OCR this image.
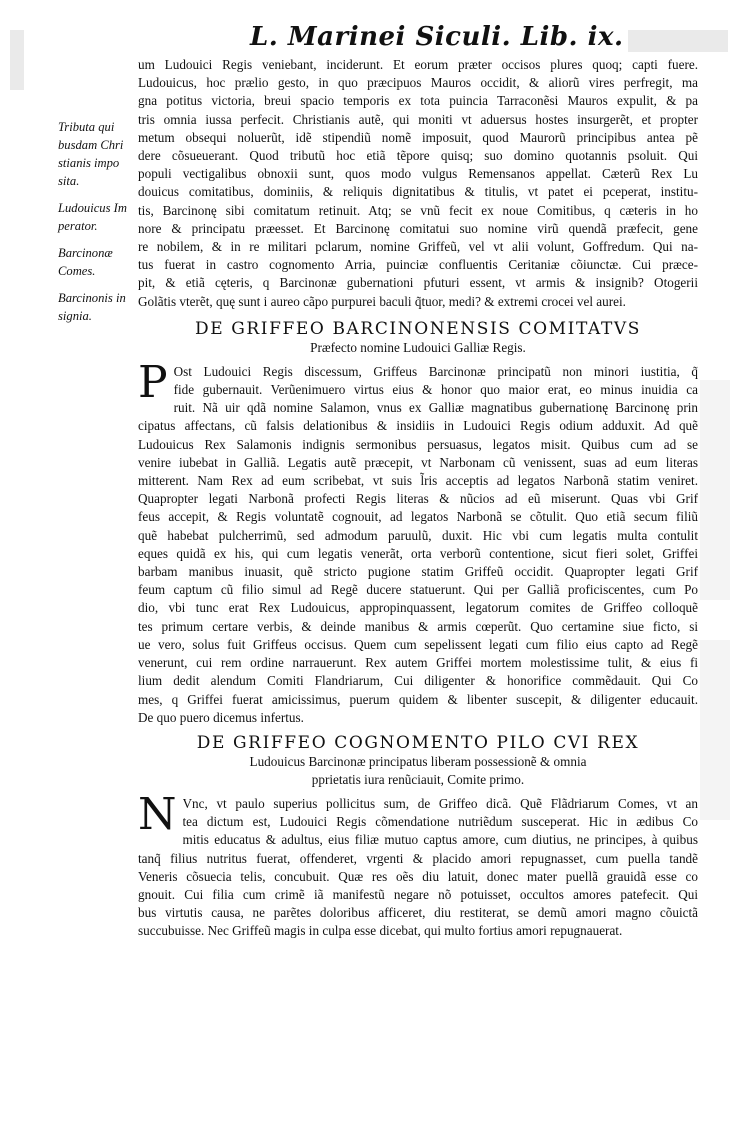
L. Marinei Siculi. Lib. ix.
Tributa qui
busdam Chri
stianis impo
sita.
Ludouicus Im
perator.
Barcinonæ
Comes.
Barcinonis in
signia.
um Ludouici Regis veniebant, inciderunt. Et eorum præter occisos plures quoq; capti fuere.
Ludouicus, hoc prælio gesto, in quo præcipuos Mauros occidit, & aliorũ vires perfregit, ma
gna potitus victoria, breui spacio temporis ex tota puincia Tarraconẽsi Mauros expulit, & pa
tris omnia iussa perfecit. Christianis autẽ, qui moniti vt aduersus hostes insurgerẽt, et propter
metum obsequi noluerũt, idẽ stipendiũ nomẽ imposuit, quod Maurorũ principibus antea pẽ
dere cõsueuerant. Quod tributũ hoc etiã tẽpore quisq; suo domino quotannis psoluit. Qui
populi vectigalibus obnoxii sunt, quos modo vulgus Remensanos appellat. Cæterũ Rex Lu
douicus comitatibus, dominiis, & reliquis dignitatibus & titulis, vt patet ei pceperat, institu-
tis, Barcinonę sibi comitatum retinuit. Atq; se vnũ fecit ex noue Comitibus, q cæteris in ho
nore & principatu præesset. Et Barcinonę comitatui suo nomine virũ quendã præfecit, gene
re nobilem, & in re militari pclarum, nomine Griffeũ, vel vt alii volunt, Goffredum. Qui na-
tus fuerat in castro cognomento Arria, puinciæ confluentis Ceritaniæ cõiunctæ. Cui præce-
pit, & etiã cęteris, q Barcinonæ gubernationi pfuturi essent, vt armis & insignib? Otogerii
Golãtis vterẽt, quę sunt i aureo cãpo purpurei baculi q̃tuor, medi? & extremi crocei vel aurei.
DE GRIFFEO BARCINONENSIS COMITATVS
Præfecto nomine Ludouici Galliæ Regis.
P Ost Ludouici Regis discessum, Griffeus Barcinonæ principatũ non minori iustitia, q̃
fide gubernauit. Verũenimuero virtus eius & honor quo maior erat, eo minus inuidia ca
ruit. Nã uir qdã nomine Salamon, vnus ex Galliæ magnatibus gubernationę Barcinonę prin
cipatus affectans, cũ falsis delationibus & insidiis in Ludouici Regis odium adduxit. Ad quẽ
Ludouicus Rex Salamonis indignis sermonibus persuasus, legatos misit. Quibus cum ad se
venire iubebat in Galliã. Legatis autẽ præcepit, vt Narbonam cũ venissent, suas ad eum literas
mitterent. Nam Rex ad eum scribebat, vt suis l̃ris acceptis ad legatos Narbonã statim veniret.
Quapropter legati Narbonã profecti Regis literas & nũcios ad eũ miserunt. Quas vbi Grif
feus accepit, & Regis voluntatẽ cognouit, ad legatos Narbonã se cõtulit. Quo etiã secum filiũ
quẽ habebat pulcherrimũ, sed admodum paruulũ, duxit. Hic vbi cum legatis multa contulit
eques quidã ex his, qui cum legatis venerãt, orta verborũ contentione, sicut fieri solet, Griffei
barbam manibus inuasit, quẽ stricto pugione statim Griffeũ occidit. Quapropter legati Grif
feum captum cũ filio simul ad Regẽ ducere statuerunt. Qui per Galliã proficiscentes, cum Po
dio, vbi tunc erat Rex Ludouicus, appropinquassent, legatorum comites de Griffeo colloquẽ
tes primum certare verbis, & deinde manibus & armis cœperũt. Quo certamine siue ficto, si
ue vero, solus fuit Griffeus occisus. Quem cum sepelissent legati cum filio eius capto ad Regẽ
venerunt, cui rem ordine narrauerunt. Rex autem Griffei mortem molestissime tulit, & eius fi
lium dedit alendum Comiti Flandriarum, Cui diligenter & honorifice commẽdauit. Qui Co
mes, q Griffei fuerat amicissimus, puerum quidem & libenter suscepit, & diligenter educauit.
De quo puero dicemus infertus.
DE GRIFFEO COGNOMENTO PILO CVI REX
Ludouicus Barcinonæ principatus liberam possessionẽ & omnia
pprietatis iura renũciauit, Comite primo.
N Vnc, vt paulo superius pollicitus sum, de Griffeo dicã. Quẽ Flãdriarum Comes, vt an
tea dictum est, Ludouici Regis cõmendatione nutriẽdum susceperat. Hic in ædibus Co
mitis educatus & adultus, eius filiæ mutuo captus amore, cum diutius, ne principes, à quibus
tanq̃ filius nutritus fuerat, offenderet, vrgenti & placido amori repugnasset, cum puella tandẽ
Veneris cõsuecia telis, concubuit. Quæ res oẽs diu latuit, donec mater puellã grauidã esse co
gnouit. Cui filia cum crimẽ iã manifestũ negare nõ potuisset, occultos amores patefecit. Qui
bus virtutis causa, ne parẽtes doloribus afficeret, diu restiterat, se demũ amori magno cõuictã
succubuisse. Nec Griffeũ magis in culpa esse dicebat, qui multo fortius amori repugnauerat.
